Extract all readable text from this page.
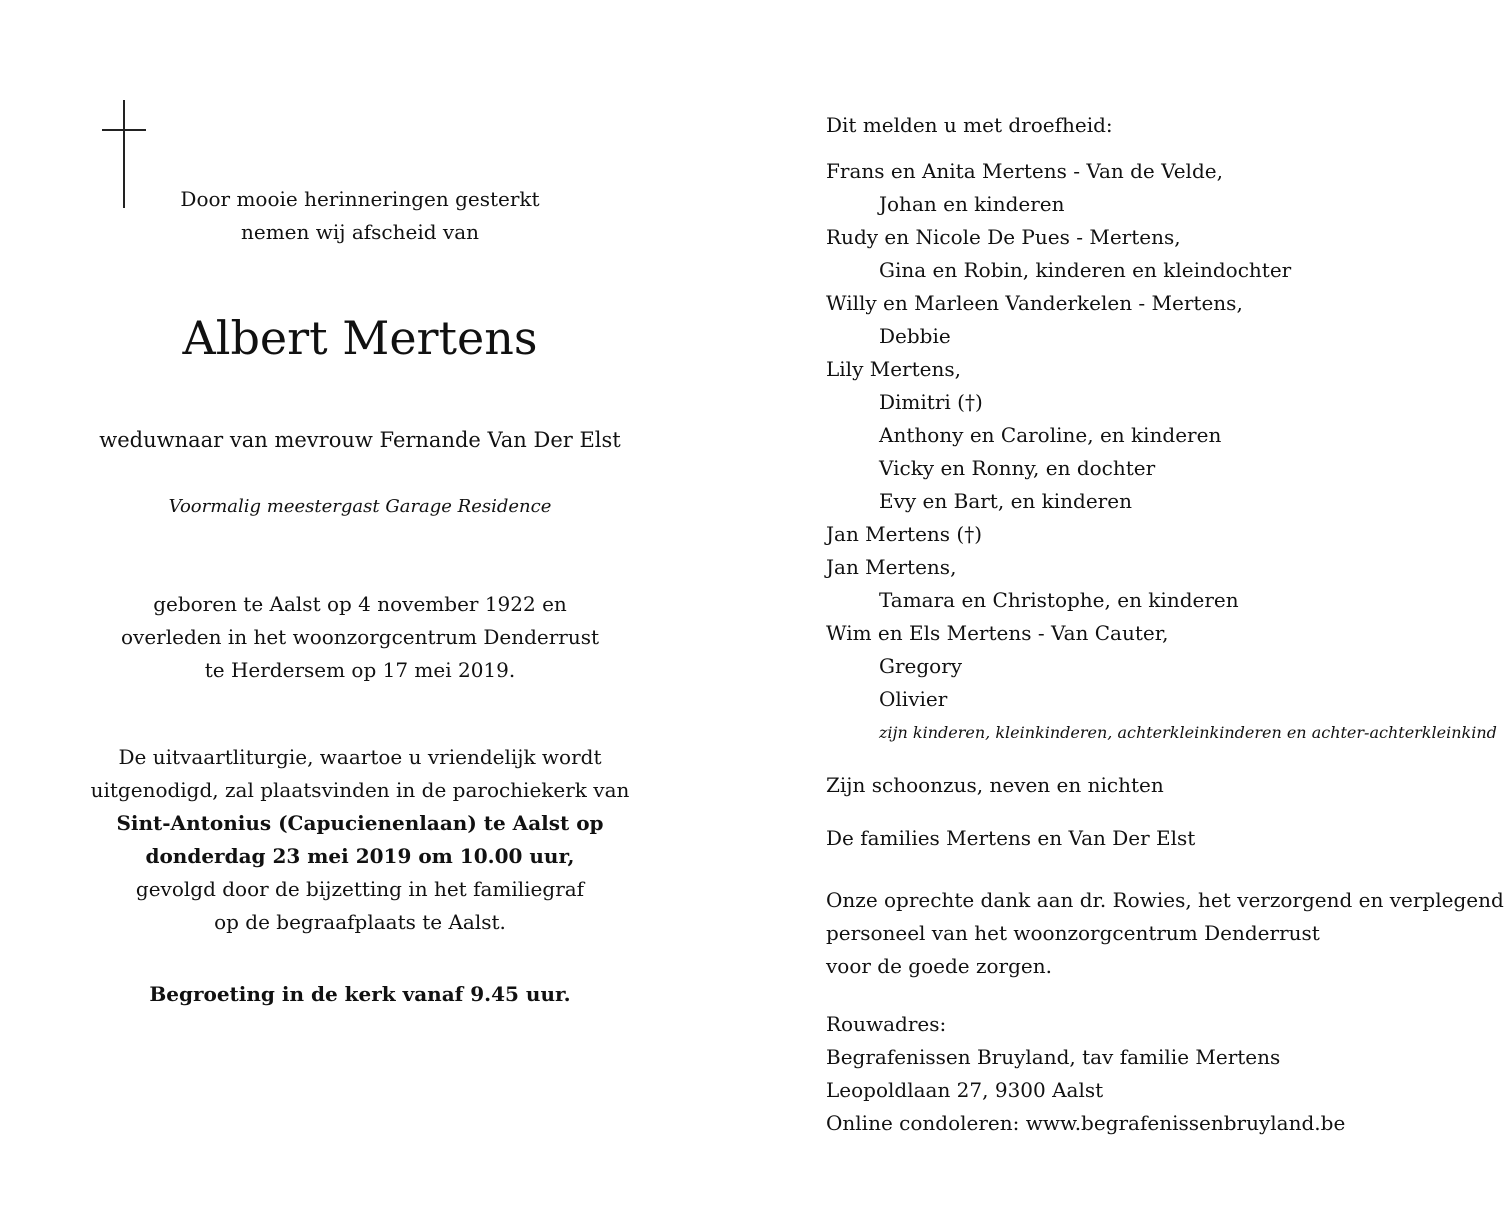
Door mooie herinneringen gesterkt
nemen wij afscheid van
Albert Mertens
weduwnaar van mevrouw Fernande Van Der Elst
Voormalig meestergast Garage Residence
geboren te Aalst op 4 november 1922 en
overleden in het woonzorgcentrum Denderrust
te Herdersem op 17 mei 2019.
De uitvaartliturgie, waartoe u vriendelijk wordt
uitgenodigd, zal plaatsvinden in de parochiekerk van
Sint-Antonius (Capucienenlaan) te Aalst op
donderdag 23 mei 2019 om 10.00 uur,
gevolgd door de bijzetting in het familiegraf
op de begraafplaats te Aalst.
Begroeting in de kerk vanaf 9.45 uur.
Dit melden u met droefheid:
Frans en Anita Mertens - Van de Velde,
Johan en kinderen
Rudy en Nicole De Pues - Mertens,
Gina en Robin, kinderen en kleindochter
Willy en Marleen Vanderkelen - Mertens,
Debbie
Lily Mertens,
Dimitri (†)
Anthony en Caroline, en kinderen
Vicky en Ronny, en dochter
Evy en Bart, en kinderen
Jan Mertens (†)
Jan Mertens,
Tamara en Christophe, en kinderen
Wim en Els Mertens - Van Cauter,
Gregory
Olivier
zijn kinderen, kleinkinderen, achterkleinkinderen en achter-achterkleinkind
Zijn schoonzus, neven en nichten
De families Mertens en Van Der Elst
Onze oprechte dank aan dr. Rowies, het verzorgend en verplegend
personeel van het woonzorgcentrum Denderrust
voor de goede zorgen.
Rouwadres:
Begrafenissen Bruyland, tav familie Mertens
Leopoldlaan 27, 9300 Aalst
Online condoleren: www.begrafenissenbruyland.be
